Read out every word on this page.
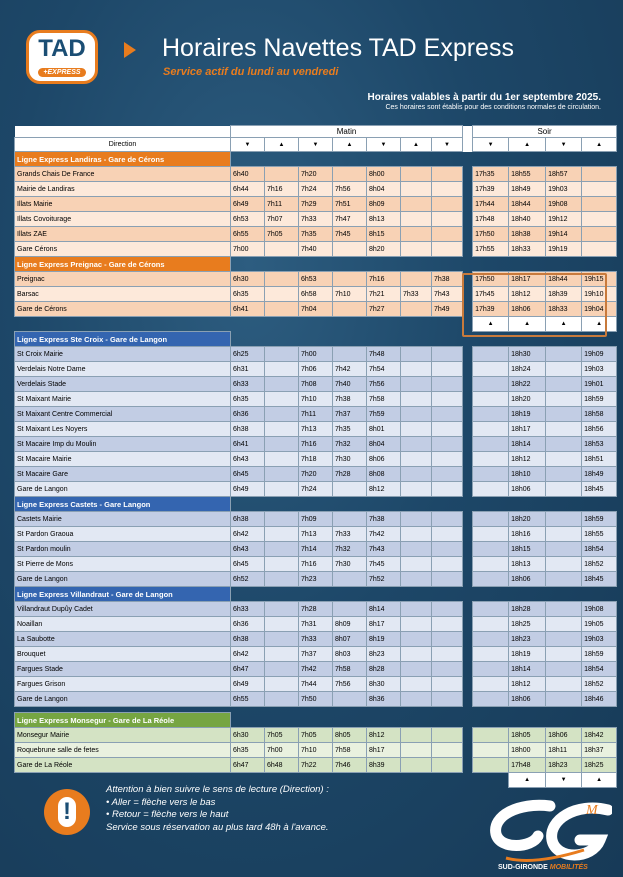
TAD
+EXPRESS
Horaires Navettes TAD Express
Service actif du lundi au vendredi
Horaires valables à partir du 1er septembre 2025.
Ces horaires sont établis pour des conditions normales de circulation.
	Matin								Soir			
Direction	▼	▲	▼	▲	▼	▲	▼		▼	▲	▼	▲
Ligne Express Landiras - Gare de Cérons												
Grands Chais De France	6h40		7h20		8h00				17h35	18h55	18h57	
Mairie de Landiras	6h44	7h16	7h24	7h56	8h04				17h39	18h49	19h03	
Illats Mairie	6h49	7h11	7h29	7h51	8h09				17h44	18h44	19h08	
Illats Covoiturage	6h53	7h07	7h33	7h47	8h13				17h48	18h40	19h12	
Illats ZAE	6h55	7h05	7h35	7h45	8h15				17h50	18h38	19h14	
Gare Cérons	7h00		7h40		8h20				17h55	18h33	19h19	
Ligne Express Preignac - Gare de Cérons												
Preignac	6h30		6h53		7h16		7h38		17h50	18h17	18h44	19h15
Barsac	6h35		6h58	7h10	7h21	7h33	7h43		17h45	18h12	18h39	19h10
Gare de Cérons	6h41		7h04		7h27		7h49		17h39	18h06	18h33	19h04
									▲	▲	▲	▲
Ligne Express Ste Croix - Gare de Langon												
St Croix Mairie	6h25		7h00		7h48					18h30		19h09
Verdelais Notre Dame	6h31		7h06	7h42	7h54					18h24		19h03
Verdelais Stade	6h33		7h08	7h40	7h56					18h22		19h01
St Maixant Mairie	6h35		7h10	7h38	7h58					18h20		18h59
St Maixant Centre Commercial	6h36		7h11	7h37	7h59					18h19		18h58
St Maixant Les Noyers	6h38		7h13	7h35	8h01					18h17		18h56
St Macaire Imp du Moulin	6h41		7h16	7h32	8h04					18h14		18h53
St Macaire Mairie	6h43		7h18	7h30	8h06					18h12		18h51
St Macaire Gare	6h45		7h20	7h28	8h08					18h10		18h49
Gare de Langon	6h49		7h24		8h12					18h06		18h45
Ligne Express Castets - Gare Langon												
Castets Mairie	6h38		7h09		7h38					18h20		18h59
St Pardon Graoua	6h42		7h13	7h33	7h42					18h16		18h55
St Pardon moulin	6h43		7h14	7h32	7h43					18h15		18h54
St Pierre de Mons	6h45		7h16	7h30	7h45					18h13		18h52
Gare de Langon	6h52		7h23		7h52					18h06		18h45
Ligne Express Villandraut - Gare de Langon												
Villandraut Dupûy Cadet	6h33		7h28		8h14					18h28		19h08
Noaillan	6h36		7h31	8h09	8h17					18h25		19h05
La Saubotte	6h38		7h33	8h07	8h19					18h23		19h03
Brouquet	6h42		7h37	8h03	8h23					18h19		18h59
Fargues Stade	6h47		7h42	7h58	8h28					18h14		18h54
Fargues Grison	6h49		7h44	7h56	8h30					18h12		18h52
Gare de Langon	6h55		7h50		8h36					18h06		18h46

Ligne Express Monsegur - Gare de La Réole												
Monsegur Mairie	6h30	7h05	7h05	8h05	8h12					18h05	18h06	18h42
Roquebrune salle de fetes	6h35	7h00	7h10	7h58	8h17					18h00	18h11	18h37
Gare de La Réole	6h47	6h48	7h22	7h46	8h39					17h48	18h23	18h25
										▲	▼	▲
!
Attention à bien suivre le sens de lecture (Direction) :
• Aller = flèche vers le bas
• Retour = flèche vers le haut
Service sous réservation au plus tard 48h à l'avance.
M
SUD-GIRONDE MOBILITÉS
